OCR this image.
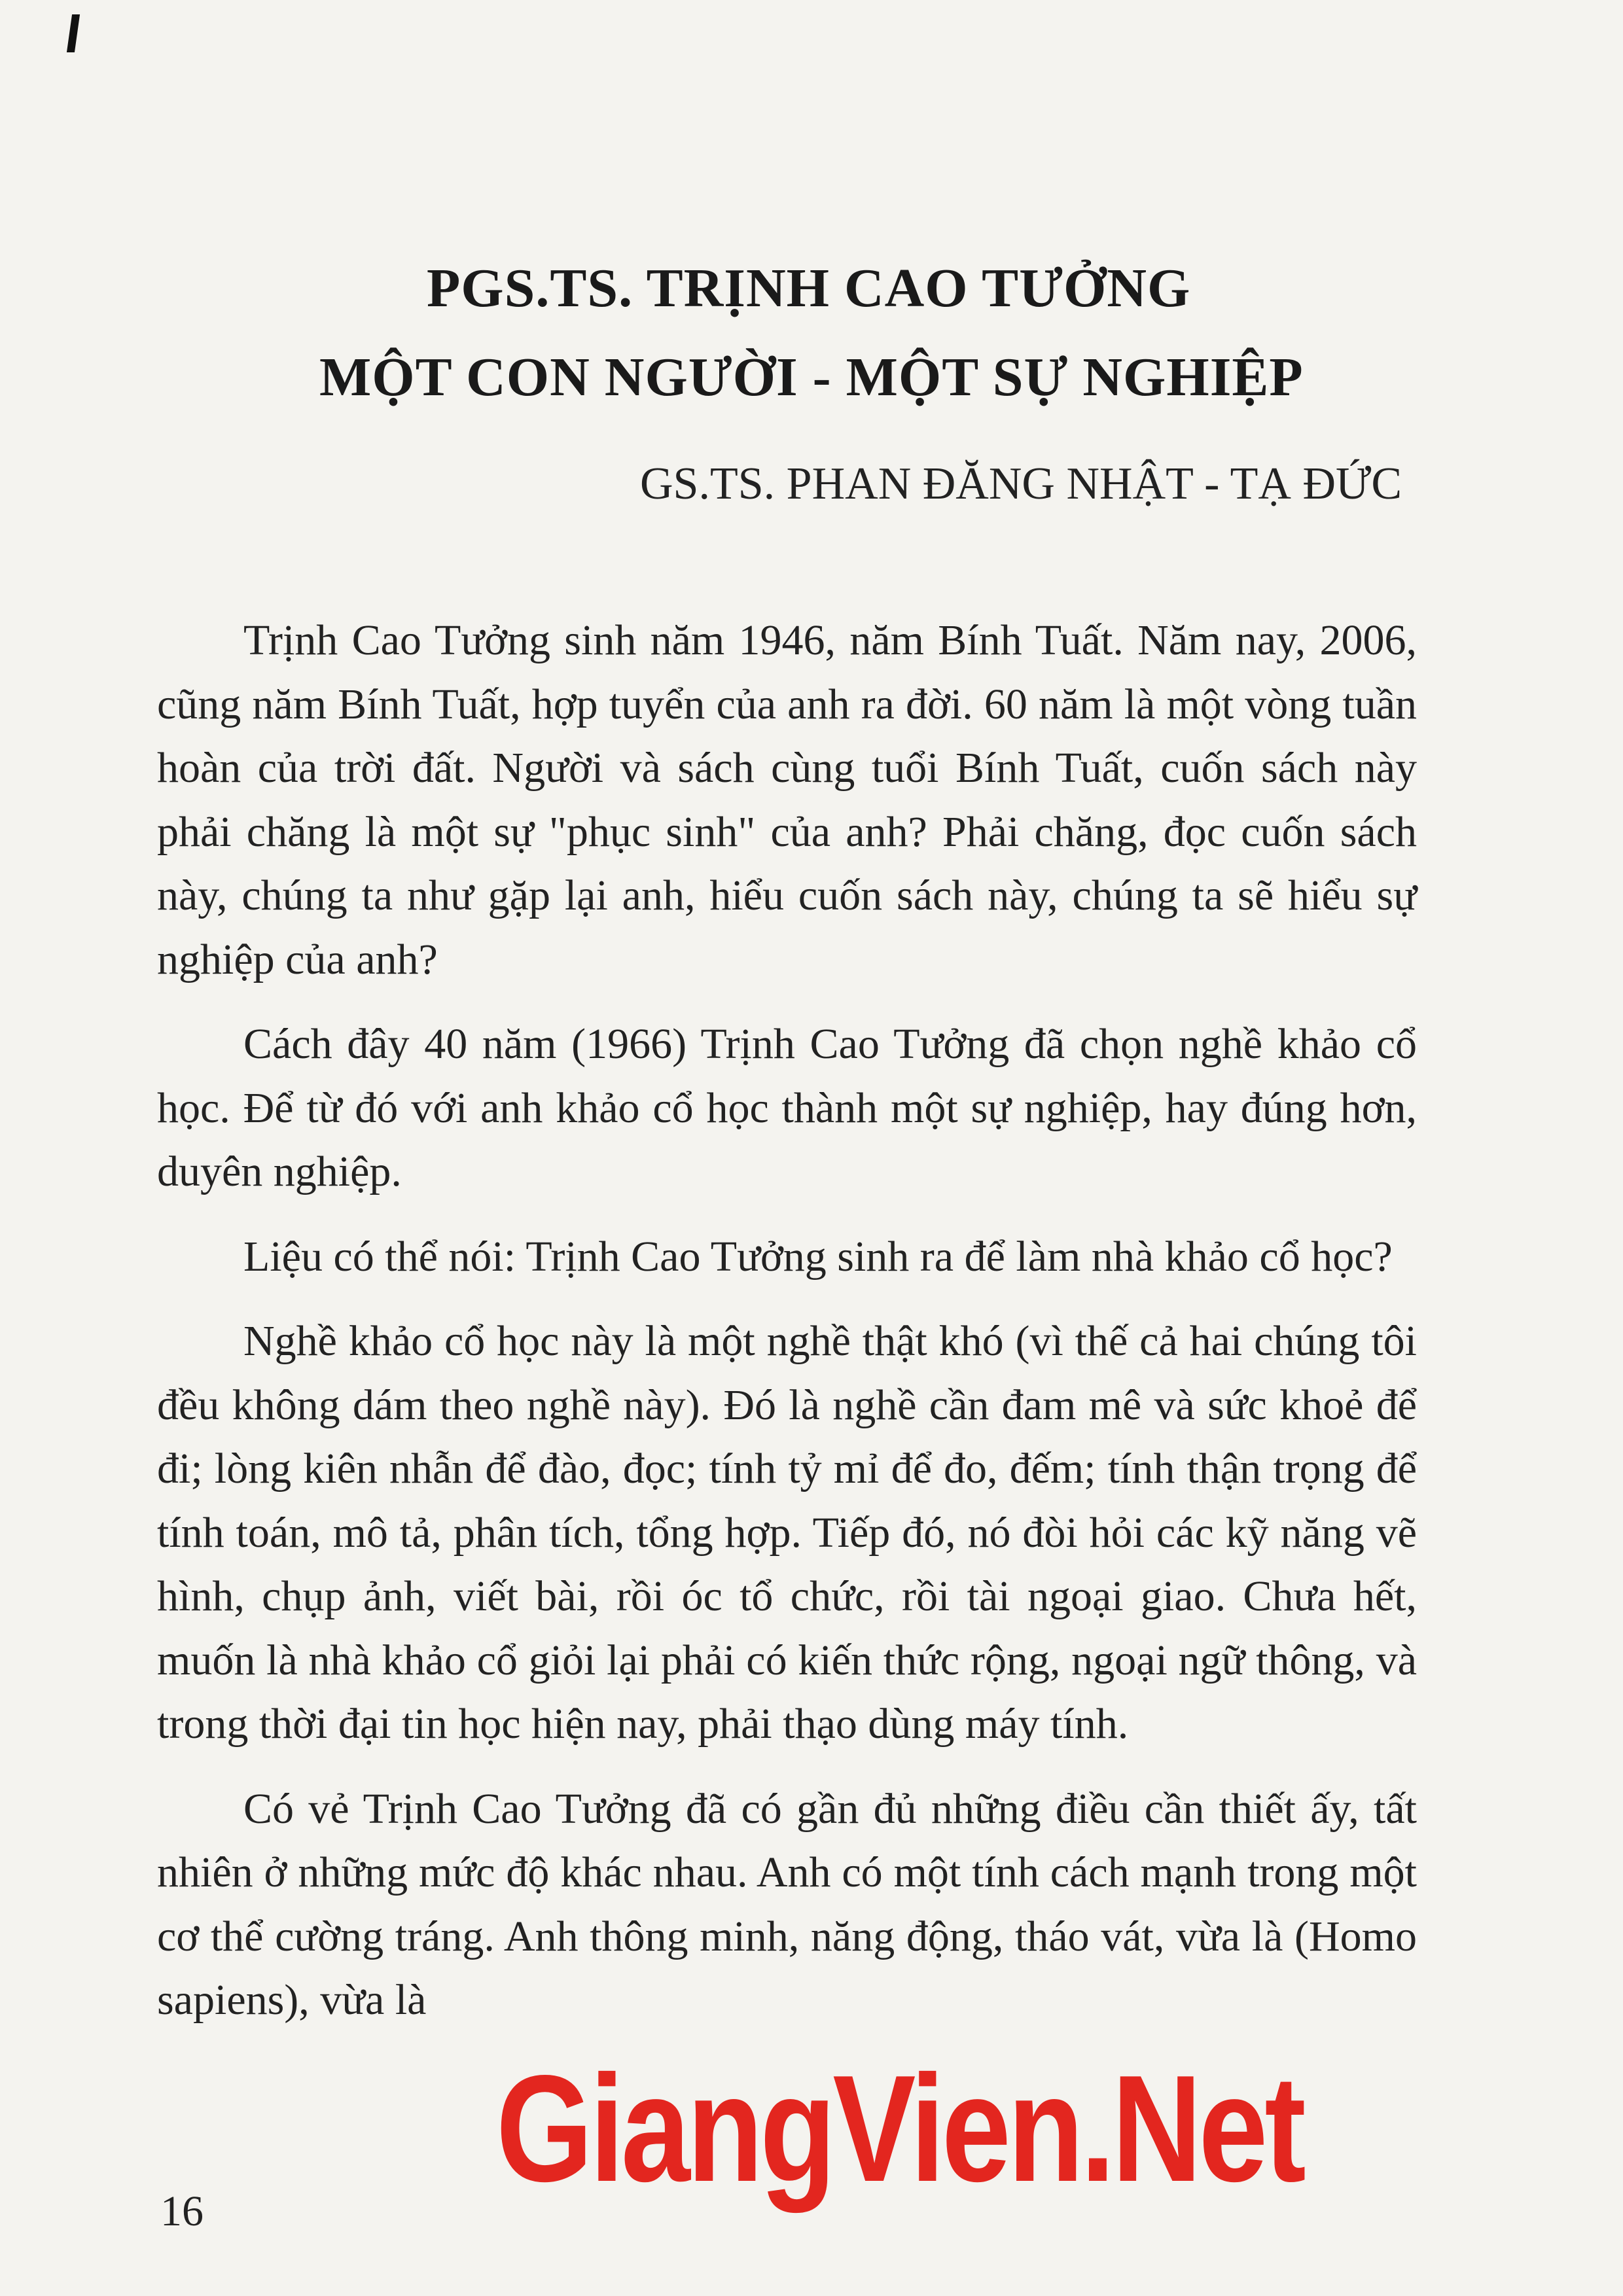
PGS.TS. TRỊNH CAO TƯỞNG
MỘT CON NGƯỜI - MỘT SỰ NGHIỆP
GS.TS. PHAN ĐĂNG NHẬT - TẠ ĐỨC

Trịnh Cao Tưởng sinh năm 1946, năm Bính Tuất. Năm nay, 2006, cũng năm Bính Tuất, hợp tuyển của anh ra đời. 60 năm là một vòng tuần hoàn của trời đất. Người và sách cùng tuổi Bính Tuất, cuốn sách này phải chăng là một sự "phục sinh" của anh? Phải chăng, đọc cuốn sách này, chúng ta như gặp lại anh, hiểu cuốn sách này, chúng ta sẽ hiểu sự nghiệp của anh?

Cách đây 40 năm (1966) Trịnh Cao Tưởng đã chọn nghề khảo cổ học. Để từ đó với anh khảo cổ học thành một sự nghiệp, hay đúng hơn, duyên nghiệp.

Liệu có thể nói: Trịnh Cao Tưởng sinh ra để làm nhà khảo cổ học?

Nghề khảo cổ học này là một nghề thật khó (vì thế cả hai chúng tôi đều không dám theo nghề này). Đó là nghề cần đam mê và sức khoẻ để đi; lòng kiên nhẫn để đào, đọc; tính tỷ mỉ để đo, đếm; tính thận trọng để tính toán, mô tả, phân tích, tổng hợp. Tiếp đó, nó đòi hỏi các kỹ năng vẽ hình, chụp ảnh, viết bài, rồi óc tổ chức, rồi tài ngoại giao. Chưa hết, muốn là nhà khảo cổ giỏi lại phải có kiến thức rộng, ngoại ngữ thông, và trong thời đại tin học hiện nay, phải thạo dùng máy tính.

Có vẻ Trịnh Cao Tưởng đã có gần đủ những điều cần thiết ấy, tất nhiên ở những mức độ khác nhau. Anh có một tính cách mạnh trong một cơ thể cường tráng. Anh thông minh, năng động, tháo vát, vừa là (Homo sapiens), vừa là

GiangVien.Net
16
